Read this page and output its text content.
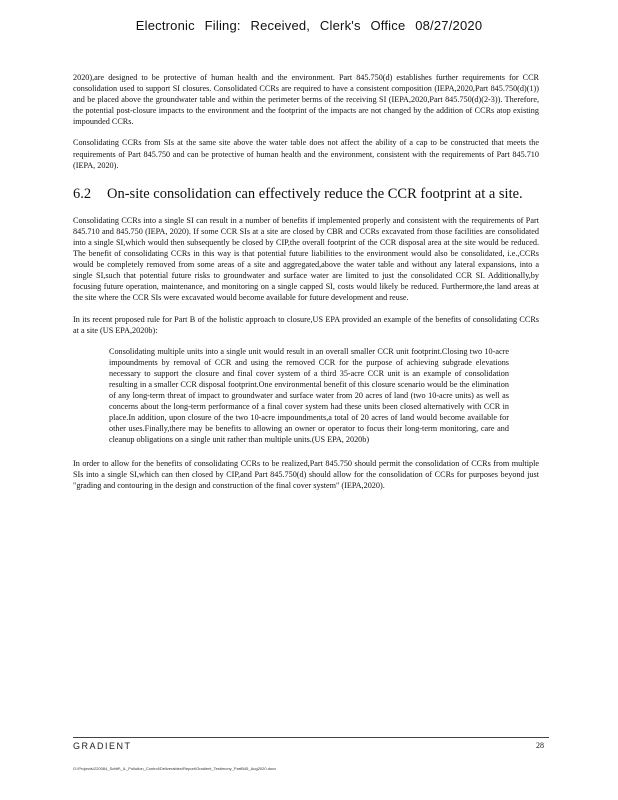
Electronic Filing: Received, Clerk's Office 08/27/2020

2020),are designed to be protective of human health and the environment. Part 845.750(d) establishes further requirements for CCR consolidation used to support SI closures. Consolidated CCRs are required to have a consistent composition (IEPA,2020,Part 845.750(d)(1)) and be placed above the groundwater table and within the perimeter berms of the receiving SI (IEPA,2020,Part 845.750(d)(2-3)). Therefore, the potential post-closure impacts to the environment and the footprint of the impacts are not changed by the addition of CCRs atop existing impounded CCRs.

Consolidating CCRs from SIs at the same site above the water table does not affect the ability of a cap to be constructed that meets the requirements of Part 845.750 and can be protective of human health and the environment, consistent with the requirements of Part 845.710 (IEPA, 2020).

6.2 On-site consolidation can effectively reduce the CCR footprint at a site.

Consolidating CCRs into a single SI can result in a number of benefits if implemented properly and consistent with the requirements of Part 845.710 and 845.750 (IEPA, 2020). If some CCR SIs at a site are closed by CBR and CCRs excavated from those facilities are consolidated into a single SI,which would then subsequently be closed by CIP,the overall footprint of the CCR disposal area at the site would be reduced. The benefit of consolidating CCRs in this way is that potential future liabilities to the environment would also be consolidated, i.e.,CCRs would be completely removed from some areas of a site and aggregated,above the water table and without any lateral expansions, into a single SI,such that potential future risks to groundwater and surface water are limited to just the consolidated CCR SI. Additionally,by focusing future operation, maintenance, and monitoring on a single capped SI, costs would likely be reduced. Furthermore,the land areas at the site where the CCR SIs were excavated would become available for future development and reuse.

In its recent proposed rule for Part B of the holistic approach to closure,US EPA provided an example of the benefits of consolidating CCRs at a site (US EPA,2020b):

Consolidating multiple units into a single unit would result in an overall smaller CCR unit footprint.Closing two 10-acre impoundments by removal of CCR and using the removed CCR for the purpose of achieving subgrade elevations necessary to support the closure and final cover system of a third 35-acre CCR unit is an example of consolidation resulting in a smaller CCR disposal footprint.One environmental benefit of this closure scenario would be the elimination of any long-term threat of impact to groundwater and surface water from 20 acres of land (two 10-acre units) as well as concerns about the long-term performance of a final cover system had these units been closed alternatively with CCR in place.In addition, upon closure of the two 10-acre impoundments,a total of 20 acres of land would become available for other uses.Finally,there may be benefits to allowing an owner or operator to focus their long-term monitoring, care and cleanup obligations on a single unit rather than multiple units.(US EPA, 2020b)

In order to allow for the benefits of consolidating CCRs to be realized,Part 845.750 should permit the consolidation of CCRs from multiple SIs into a single SI,which can then closed by CIP,and Part 845.750(d) should allow for the consolidation of CCRs for purposes beyond just "grading and contouring in the design and construction of the final cover system" (IEPA,2020).

GRADIENT	28
G:\Projects\220084_Schiff\_IL_Pollution_Control\Deliverables\Report\Gradient_Testimony_PartB45_Aug2020.docx
